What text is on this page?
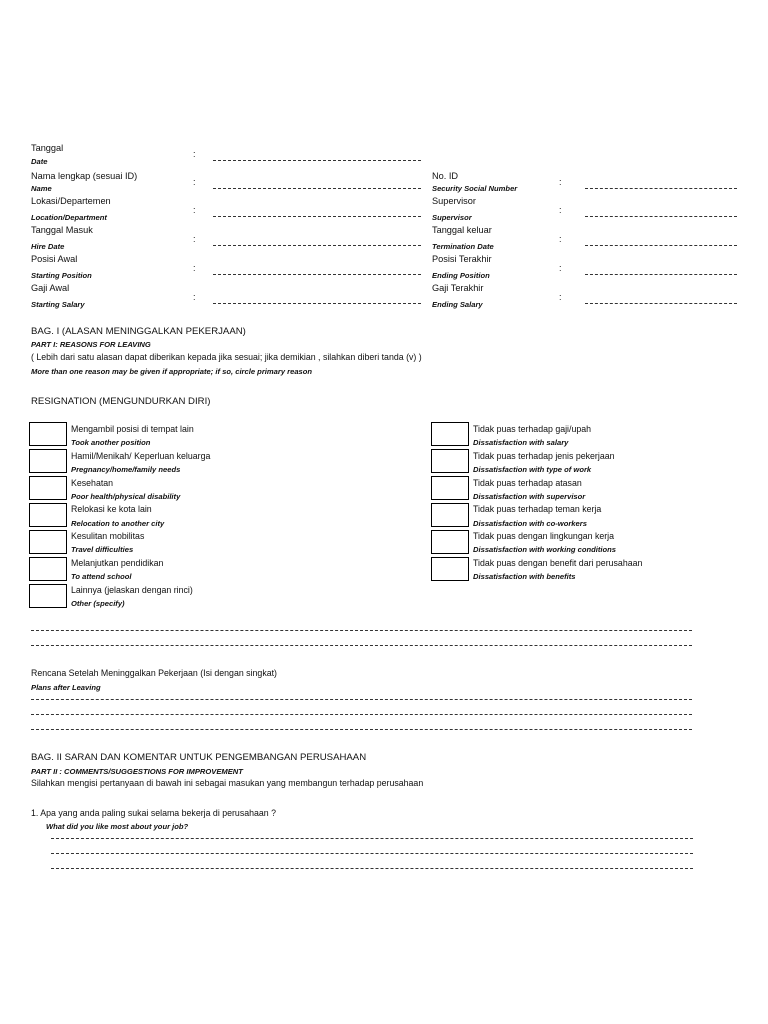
Tanggal
Date
:
Nama lengkap (sesuai ID)
Name
:
Lokasi/Departemen
Location/Department
:
Tanggal Masuk
Hire Date
:
Posisi Awal
Starting Position
:
Gaji Awal
Starting Salary
:
No. ID
Security Social Number
:
Supervisor
Supervisor
:
Tanggal keluar
Termination Date
:
Posisi Terakhir
Ending Position
:
Gaji Terakhir
Ending Salary
:
BAG. I (ALASAN MENINGGALKAN PEKERJAAN)
PART I: REASONS FOR LEAVING
( Lebih dari satu alasan dapat diberikan kepada jika sesuai; jika demikian , silahkan diberi tanda (v) )
More than one reason may be given if appropriate; if so, circle primary reason
RESIGNATION (MENGUNDURKAN DIRI)
Mengambil posisi di tempat lain
Took another position
Hamil/Menikah/ Keperluan keluarga
Pregnancy/home/family needs
Kesehatan
Poor health/physical disability
Relokasi ke kota lain
Relocation to another city
Kesulitan mobilitas
Travel difficulties
Melanjutkan pendidikan
To attend school
Lainnya (jelaskan dengan rinci)
Other (specify)
Tidak puas terhadap gaji/upah
Dissatisfaction with salary
Tidak puas terhadap jenis pekerjaan
Dissatisfaction with type of work
Tidak puas terhadap atasan
Dissatisfaction with supervisor
Tidak puas terhadap teman kerja
Dissatisfaction with co-workers
Tidak puas dengan lingkungan kerja
Dissatisfaction with working conditions
Tidak puas dengan benefit dari perusahaan
Dissatisfaction with benefits
Rencana Setelah Meninggalkan Pekerjaan (Isi dengan singkat)
Plans after Leaving
BAG. II SARAN DAN KOMENTAR UNTUK PENGEMBANGAN PERUSAHAAN
PART II : COMMENTS/SUGGESTIONS FOR IMPROVEMENT
Silahkan mengisi pertanyaan di bawah ini sebagai masukan yang membangun terhadap perusahaan
1. Apa yang anda paling sukai selama bekerja di perusahaan ?
What did you like most about your job?
